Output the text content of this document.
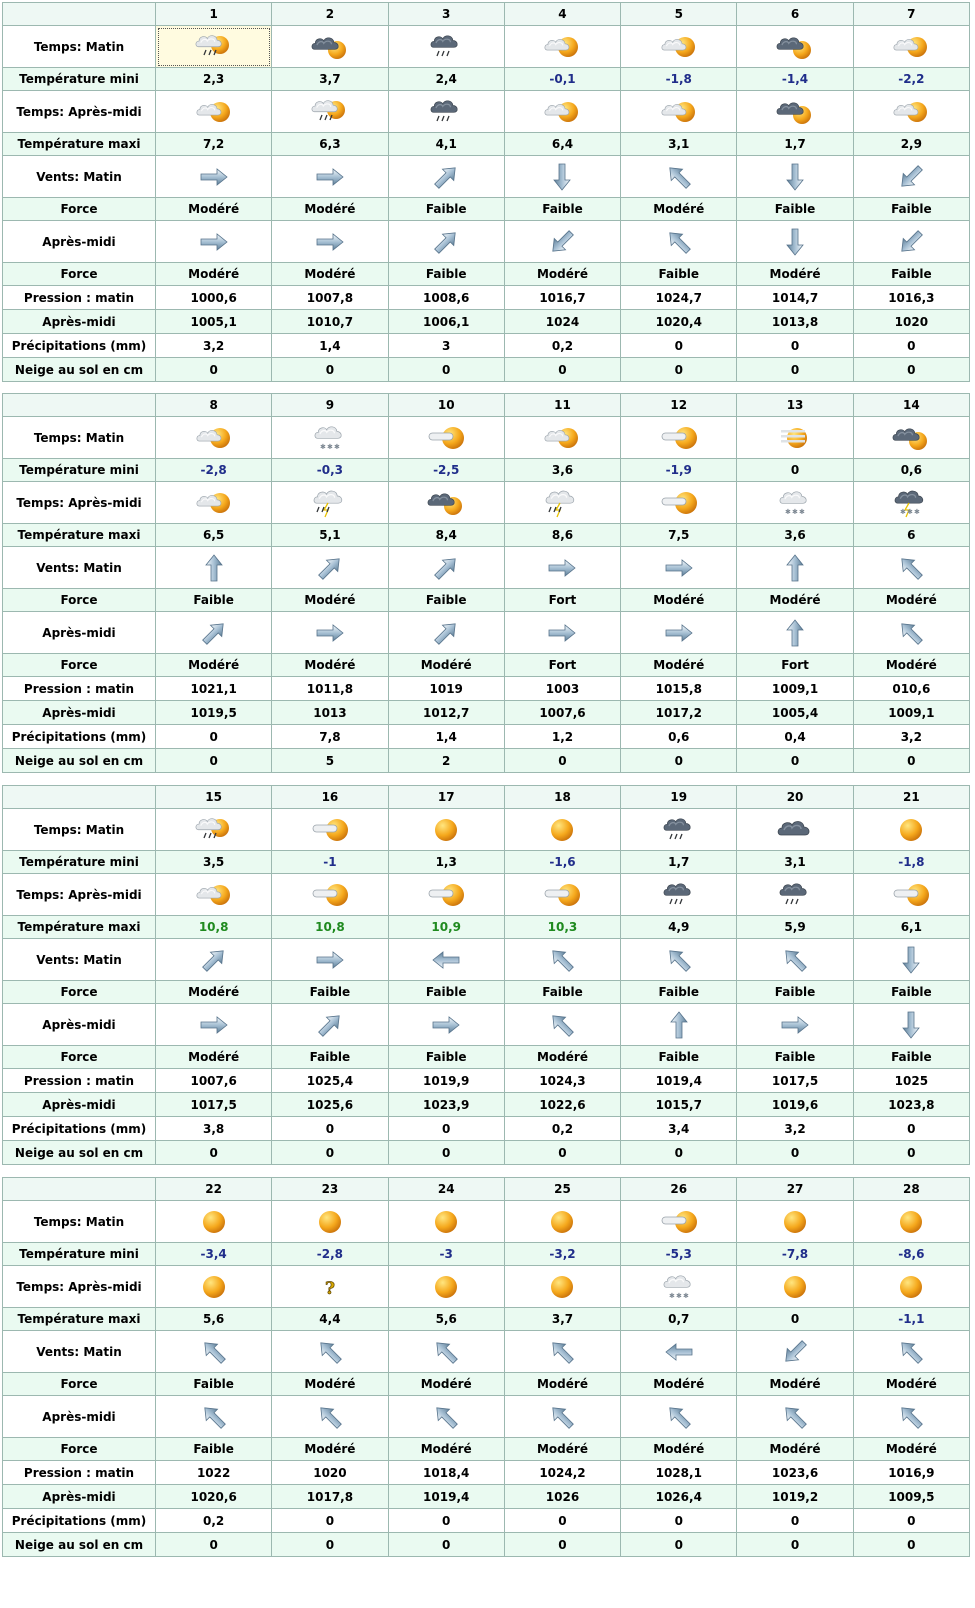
	1	2	3	4	5	6	7
Temps: Matin	

Température mini	2,3	3,7	2,4	-0,1	-1,8	-1,4	-2,2
Temps: Après-midi	

Température maxi	7,2	6,3	4,1	6,4	3,1	1,7	2,9
Vents: Matin	

Force	Modéré	Modéré	Faible	Faible	Modéré	Faible	Faible
Après-midi	

Force	Modéré	Modéré	Faible	Modéré	Faible	Modéré	Faible
Pression : matin	1000,6	1007,8	1008,6	1016,7	1024,7	1014,7	1016,3
Après-midi	1005,1	1010,7	1006,1	1024	1020,4	1013,8	1020
Précipitations (mm)	3,2	1,4	3	0,2	0	0	0
Neige au sol en cm	0	0	0	0	0	0	0
	8	9	10	11	12	13	14
Temps: Matin		✱ ✱ ✱

Température mini	-2,8	-0,3	-2,5	3,6	-1,9	0	0,6
Temps: Après-midi						✱ ✱ ✱	✱ ✱ ✱

Température maxi	6,5	5,1	8,4	8,6	7,5	3,6	6
Vents: Matin	

Force	Faible	Modéré	Faible	Fort	Modéré	Modéré	Modéré
Après-midi	

Force	Modéré	Modéré	Modéré	Fort	Modéré	Fort	Modéré
Pression : matin	1021,1	1011,8	1019	1003	1015,8	1009,1	010,6
Après-midi	1019,5	1013	1012,7	1007,6	1017,2	1005,4	1009,1
Précipitations (mm)	0	7,8	1,4	1,2	0,6	0,4	3,2
Neige au sol en cm	0	5	2	0	0	0	0
	15	16	17	18	19	20	21
Temps: Matin	

Température mini	3,5	-1	1,3	-1,6	1,7	3,1	-1,8
Temps: Après-midi	

Température maxi	10,8	10,8	10,9	10,3	4,9	5,9	6,1
Vents: Matin	

Force	Modéré	Faible	Faible	Faible	Faible	Faible	Faible
Après-midi	

Force	Modéré	Faible	Faible	Modéré	Faible	Faible	Faible
Pression : matin	1007,6	1025,4	1019,9	1024,3	1019,4	1017,5	1025
Après-midi	1017,5	1025,6	1023,9	1022,6	1015,7	1019,6	1023,8
Précipitations (mm)	3,8	0	0	0,2	3,4	3,2	0
Neige au sol en cm	0	0	0	0	0	0	0
	22	23	24	25	26	27	28
Temps: Matin	

Température mini	-3,4	-2,8	-3	-3,2	-5,3	-7,8	-8,6
Temps: Après-midi		?			✱ ✱ ✱

Température maxi	5,6	4,4	5,6	3,7	0,7	0	-1,1
Vents: Matin	

Force	Faible	Modéré	Modéré	Modéré	Modéré	Modéré	Modéré
Après-midi	

Force	Faible	Modéré	Modéré	Modéré	Modéré	Modéré	Modéré
Pression : matin	1022	1020	1018,4	1024,2	1028,1	1023,6	1016,9
Après-midi	1020,6	1017,8	1019,4	1026	1026,4	1019,2	1009,5
Précipitations (mm)	0,2	0	0	0	0	0	0
Neige au sol en cm	0	0	0	0	0	0	0
